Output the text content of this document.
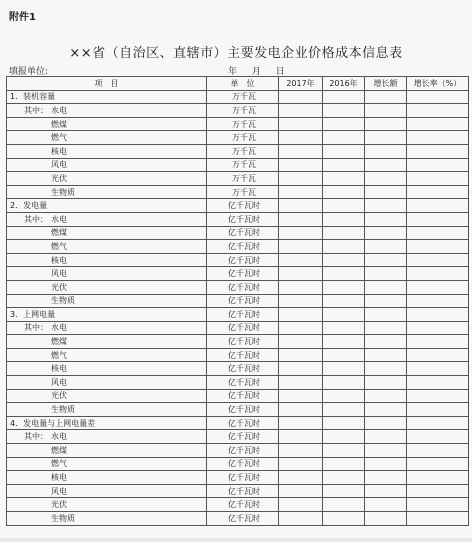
附件1
××省（自治区、直辖市）主要发电企业价格成本信息表
填报单位:	年 月 日
项　目	单　位	2017年	2016年	增长额	增长率（%）
1．装机容量	万千瓦				
其中： 水电	万千瓦				
燃煤	万千瓦				
燃气	万千瓦				
核电	万千瓦				
风电	万千瓦				
光伏	万千瓦				
生物质	万千瓦				
2．发电量	亿千瓦时				
其中： 水电	亿千瓦时				
燃煤	亿千瓦时				
燃气	亿千瓦时				
核电	亿千瓦时				
风电	亿千瓦时				
光伏	亿千瓦时				
生物质	亿千瓦时				
3．上网电量	亿千瓦时				
其中： 水电	亿千瓦时				
燃煤	亿千瓦时				
燃气	亿千瓦时				
核电	亿千瓦时				
风电	亿千瓦时				
光伏	亿千瓦时				
生物质	亿千瓦时				
4．发电量与上网电量差	亿千瓦时				
其中： 水电	亿千瓦时				
燃煤	亿千瓦时				
燃气	亿千瓦时				
核电	亿千瓦时				
风电	亿千瓦时				
光伏	亿千瓦时				
生物质	亿千瓦时				
